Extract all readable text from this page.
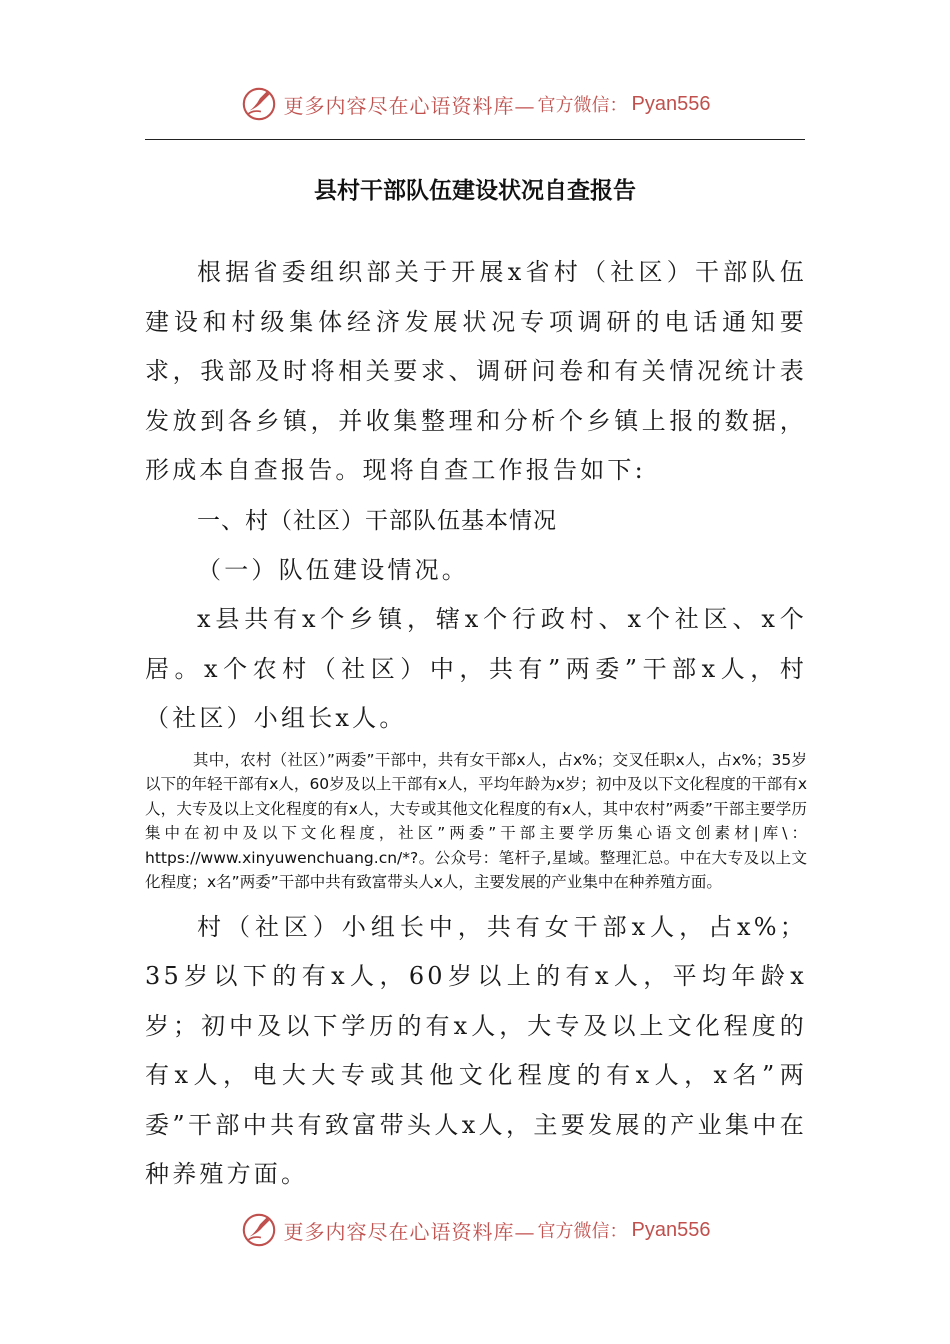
更多内容尽在心语资料库— 官方微信： Pyan556
县村干部队伍建设状况自查报告

根据省委组织部关于开展x省村（社区）干部队伍建设和村级集体经济发展状况专项调研的电话通知要求，我部及时将相关要求、调研问卷和有关情况统计表发放到各乡镇，并收集整理和分析个乡镇上报的数据，形成本自查报告。现将自查工作报告如下:

一、村（社区）干部队伍基本情况

（一）队伍建设情况。

x县共有x个乡镇，辖x个行政村、x个社区、x个居。x个农村（社区）中，共有”两委”干部x人，村（社区）小组长x人。

其中，农村（社区）”两委”干部中，共有女干部x人，占x%；交叉任职x人，占x%；35岁以下的年轻干部有x人，60岁及以上干部有x人，平均年龄为x岁；初中及以下文化程度的干部有x人，大专及以上文化程度的有x人，大专或其他文化程度的有x人，其中农村”两委”干部主要学历集中在初中及以下文化程度，社区”两委”干部主要学历集心语文创素材|库\：https://www.xinyuwenchuang.cn/*?。公众号：笔杆子,星域。整理汇总。中在大专及以上文化程度；x名”两委”干部中共有致富带头人x人，主要发展的产业集中在种养殖方面。

村（社区）小组长中，共有女干部x人，占x%；35岁以下的有x人，60岁以上的有x人，平均年龄x岁；初中及以下学历的有x人，大专及以上文化程度的有x人，电大大专或其他文化程度的有x人，x名”两委”干部中共有致富带头人x人，主要发展的产业集中在种养殖方面。

更多内容尽在心语资料库— 官方微信： Pyan556
